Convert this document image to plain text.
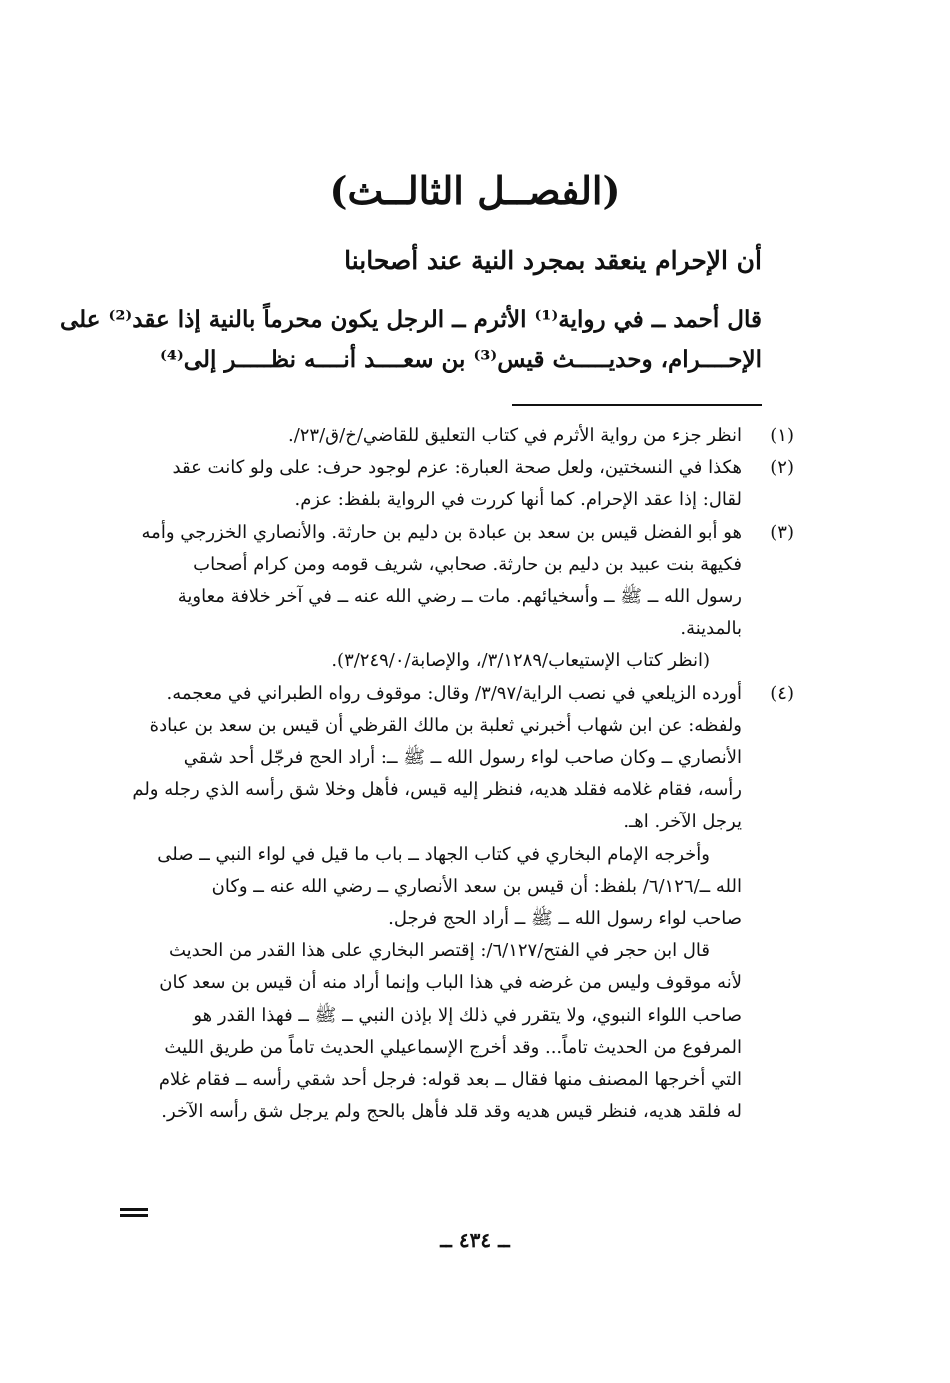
(الفصــل الثالــث)
أن الإحرام ينعقد بمجرد النية عند أصحابنا
قال أحمد ــ في رواية⁽¹⁾ الأثرم ــ الرجل يكون محرماً بالنية إذا عقد⁽²⁾ على
الإحــــرام، وحديـــــث قيس⁽³⁾ بن سعــــد أنــــه نظـــــر إلى⁽⁴⁾
(١)
انظر جزء من رواية الأثرم في كتاب التعليق للقاضي/خ/ق/٢٣/.
(٢)
هكذا في النسختين، ولعل صحة العبارة: عزم لوجود حرف: على ولو كانت عقد
لقال: إذا عقد الإحرام. كما أنها كررت في الرواية بلفظ: عزم.
(٣)
هو أبو الفضل قيس بن سعد بن عبادة بن دليم بن حارثة. والأنصاري الخزرجي وأمه
فكيهة بنت عبيد بن دليم بن حارثة. صحابي، شريف قومه ومن كرام أصحاب
رسول الله ــ ﷺ ــ وأسخيائهم. مات ــ رضي الله عنه ــ في آخر خلافة معاوية
بالمدينة.
(انظر كتاب الإستيعاب/٣/١٢٨٩/، والإصابة/٣/٢٤٩/٠).
(٤)
أورده الزيلعي في نصب الراية/٣/٩٧/ وقال: موقوف رواه الطبراني في معجمه.
ولفظه: عن ابن شهاب أخبرني ثعلبة بن مالك القرظي أن قيس بن سعد بن عبادة
الأنصاري ــ وكان صاحب لواء رسول الله ــ ﷺ ــ: أراد الحج فرجّل أحد شقي
رأسه، فقام غلامه فقلد هديه، فنظر إليه قيس، فأهل وخلا شق رأسه الذي رجله ولم
يرجل الآخر. اهـ.
وأخرجه الإمام البخاري في كتاب الجهاد ــ باب ما قيل في لواء النبي ــ صلى
الله ــ/٦/١٢٦/ بلفظ: أن قيس بن سعد الأنصاري ــ رضي الله عنه ــ وكان
صاحب لواء رسول الله ــ ﷺ ــ أراد الحج فرجل.
قال ابن حجر في الفتح/٦/١٢٧/: إقتصر البخاري على هذا القدر من الحديث
لأنه موقوف وليس من غرضه في هذا الباب وإنما أراد منه أن قيس بن سعد كان
صاحب اللواء النبوي، ولا يتقرر في ذلك إلا بإذن النبي ــ ﷺ ــ فهذا القدر هو
المرفوع من الحديث تاماً... وقد أخرج الإسماعيلي الحديث تاماً من طريق الليث
التي أخرجها المصنف منها فقال ــ بعد قوله: فرجل أحد شقي رأسه ــ فقام غلام
له فلقد هديه، فنظر قيس هديه وقد قلد فأهل بالحج ولم يرجل شق رأسه الآخر.
ــ ٤٣٤ ــ
